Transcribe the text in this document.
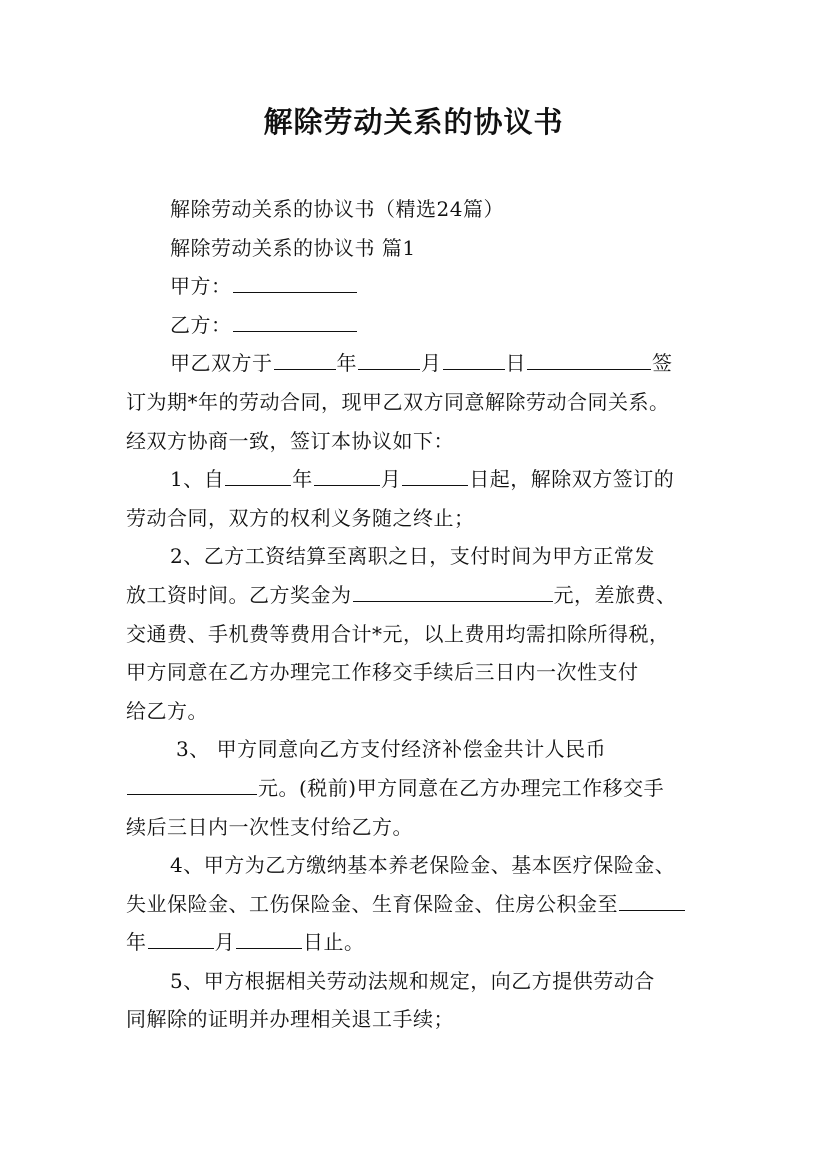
解除劳动关系的协议书
解除劳动关系的协议书（精选24篇）
解除劳动关系的协议书 篇1
甲方：
乙方：
甲乙双方于	年	月	日	签
订为期*年的劳动合同，现甲乙双方同意解除劳动合同关系。
经双方协商一致，签订本协议如下：
1、自	年	月	日起，解除双方签订的
劳动合同，双方的权利义务随之终止；
2、乙方工资结算至离职之日，支付时间为甲方正常发
放工资时间。乙方奖金为	元，差旅费、
交通费、手机费等费用合计*元，以上费用均需扣除所得税，
甲方同意在乙方办理完工作移交手续后三日内一次性支付
给乙方。
3、 甲方同意向乙方支付经济补偿金共计人民币
元。(税前)甲方同意在乙方办理完工作移交手
续后三日内一次性支付给乙方。
4、甲方为乙方缴纳基本养老保险金、基本医疗保险金、
失业保险金、工伤保险金、生育保险金、住房公积金至
年	月	日止。
5、甲方根据相关劳动法规和规定，向乙方提供劳动合
同解除的证明并办理相关退工手续；
